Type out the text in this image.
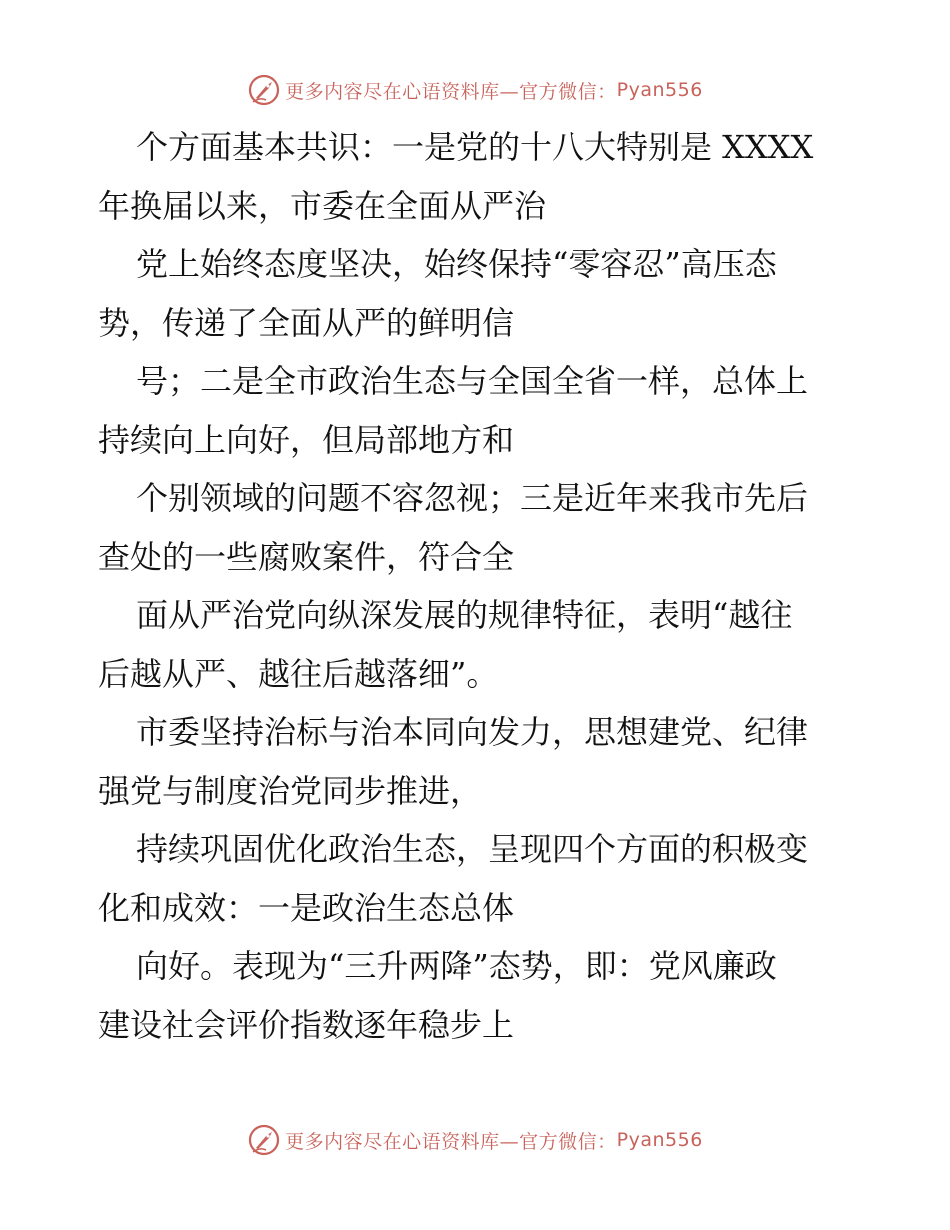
更多内容尽在心语资料库—官方微信： Pyan556
个方面基本共识：一是党的十八大特别是 XXXX
年换届以来，市委在全面从严治
党上始终态度坚决，始终保持“零容忍”高压态
势，传递了全面从严的鲜明信
号；二是全市政治生态与全国全省一样，总体上
持续向上向好，但局部地方和
个别领域的问题不容忽视；三是近年来我市先后
查处的一些腐败案件，符合全
面从严治党向纵深发展的规律特征，表明“越往
后越从严、越往后越落细”。
市委坚持治标与治本同向发力，思想建党、纪律
强党与制度治党同步推进，
持续巩固优化政治生态，呈现四个方面的积极变
化和成效：一是政治生态总体
向好。表现为“三升两降”态势，即：党风廉政
建设社会评价指数逐年稳步上
更多内容尽在心语资料库—官方微信： Pyan556
